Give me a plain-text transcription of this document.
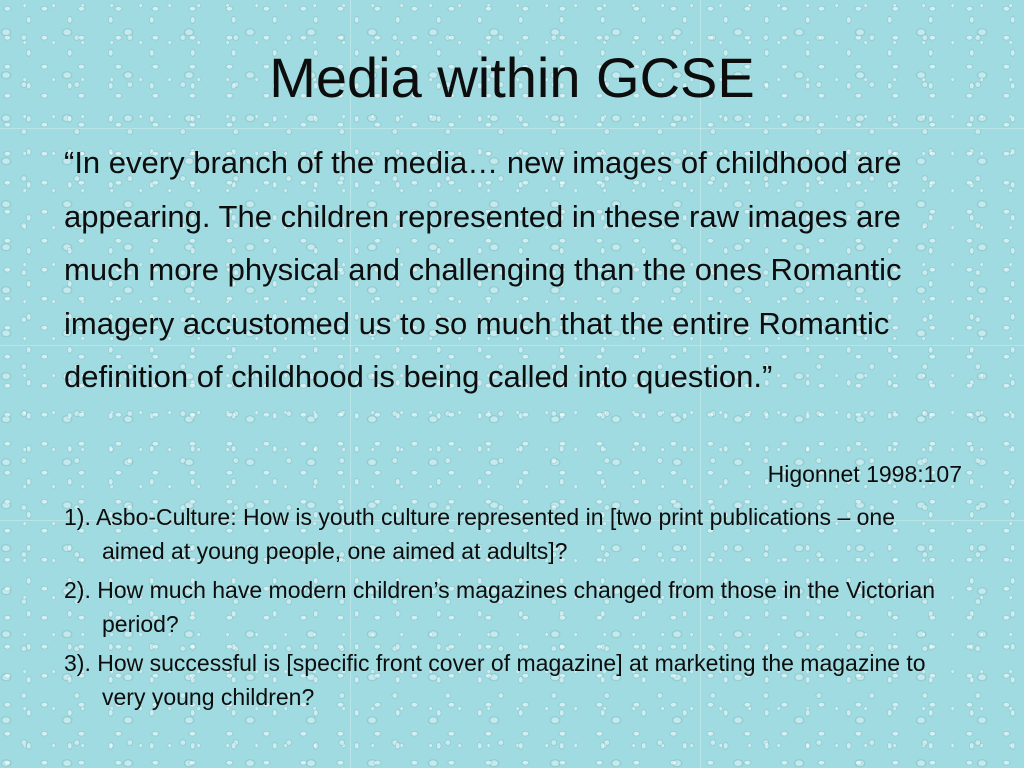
Media within GCSE

“In every branch of the media… new images of childhood are appearing. The children represented in these raw images are much more physical and challenging than the ones Romantic imagery accustomed us to so much that the entire Romantic definition of childhood is being called into question.”

Higonnet 1998:107

1). Asbo-Culture: How is youth culture represented in [two print publications – one aimed at young people, one aimed at adults]?
2). How much have modern children’s magazines changed from those in the Victorian period?
3). How successful is [specific front cover of magazine] at marketing the magazine to very young children?
